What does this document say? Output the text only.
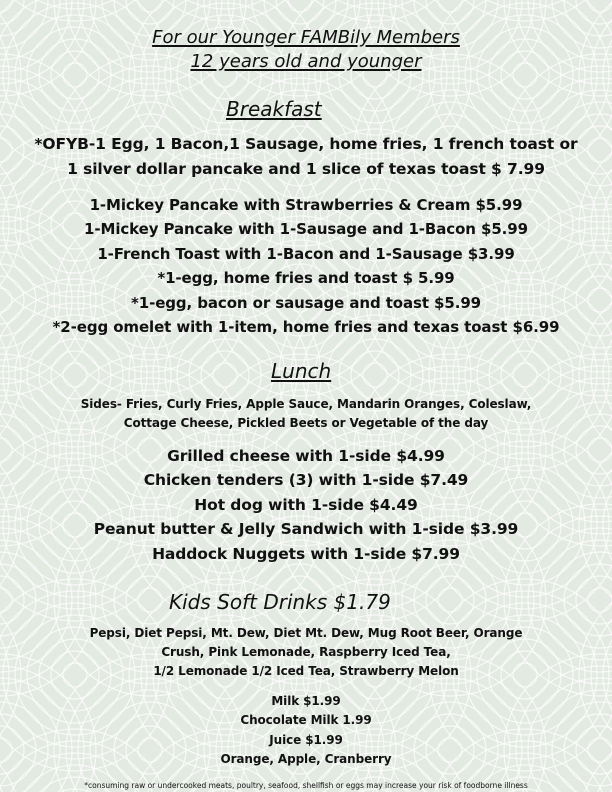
For our Younger FAMBily Members
12 years old and younger
Breakfast
*OFYB-1 Egg, 1 Bacon,1 Sausage, home fries, 1 french toast or
1 silver dollar pancake and 1 slice of texas toast $ 7.99
1-Mickey Pancake with Strawberries & Cream $5.99
1-Mickey Pancake with 1-Sausage and 1-Bacon $5.99
1-French Toast with 1-Bacon and 1-Sausage $3.99
*1-egg, home fries and toast $ 5.99
*1-egg, bacon or sausage and toast $5.99
*2-egg omelet with 1-item, home fries and texas toast $6.99
Lunch
Sides- Fries, Curly Fries, Apple Sauce, Mandarin Oranges, Coleslaw,
Cottage Cheese, Pickled Beets or Vegetable of the day
Grilled cheese with 1-side $4.99
Chicken tenders (3) with 1-side $7.49
Hot dog with 1-side $4.49
Peanut butter & Jelly Sandwich with 1-side $3.99
Haddock Nuggets with 1-side $7.99
Kids Soft Drinks $1.79
Pepsi, Diet Pepsi, Mt. Dew, Diet Mt. Dew, Mug Root Beer, Orange
Crush, Pink Lemonade, Raspberry Iced Tea,
1/2 Lemonade 1/2 Iced Tea, Strawberry Melon
Milk $1.99
Chocolate Milk 1.99
Juice $1.99
Orange, Apple, Cranberry
*consuming raw or undercooked meats, poultry, seafood, shellfish or eggs may increase your risk of foodborne illness
